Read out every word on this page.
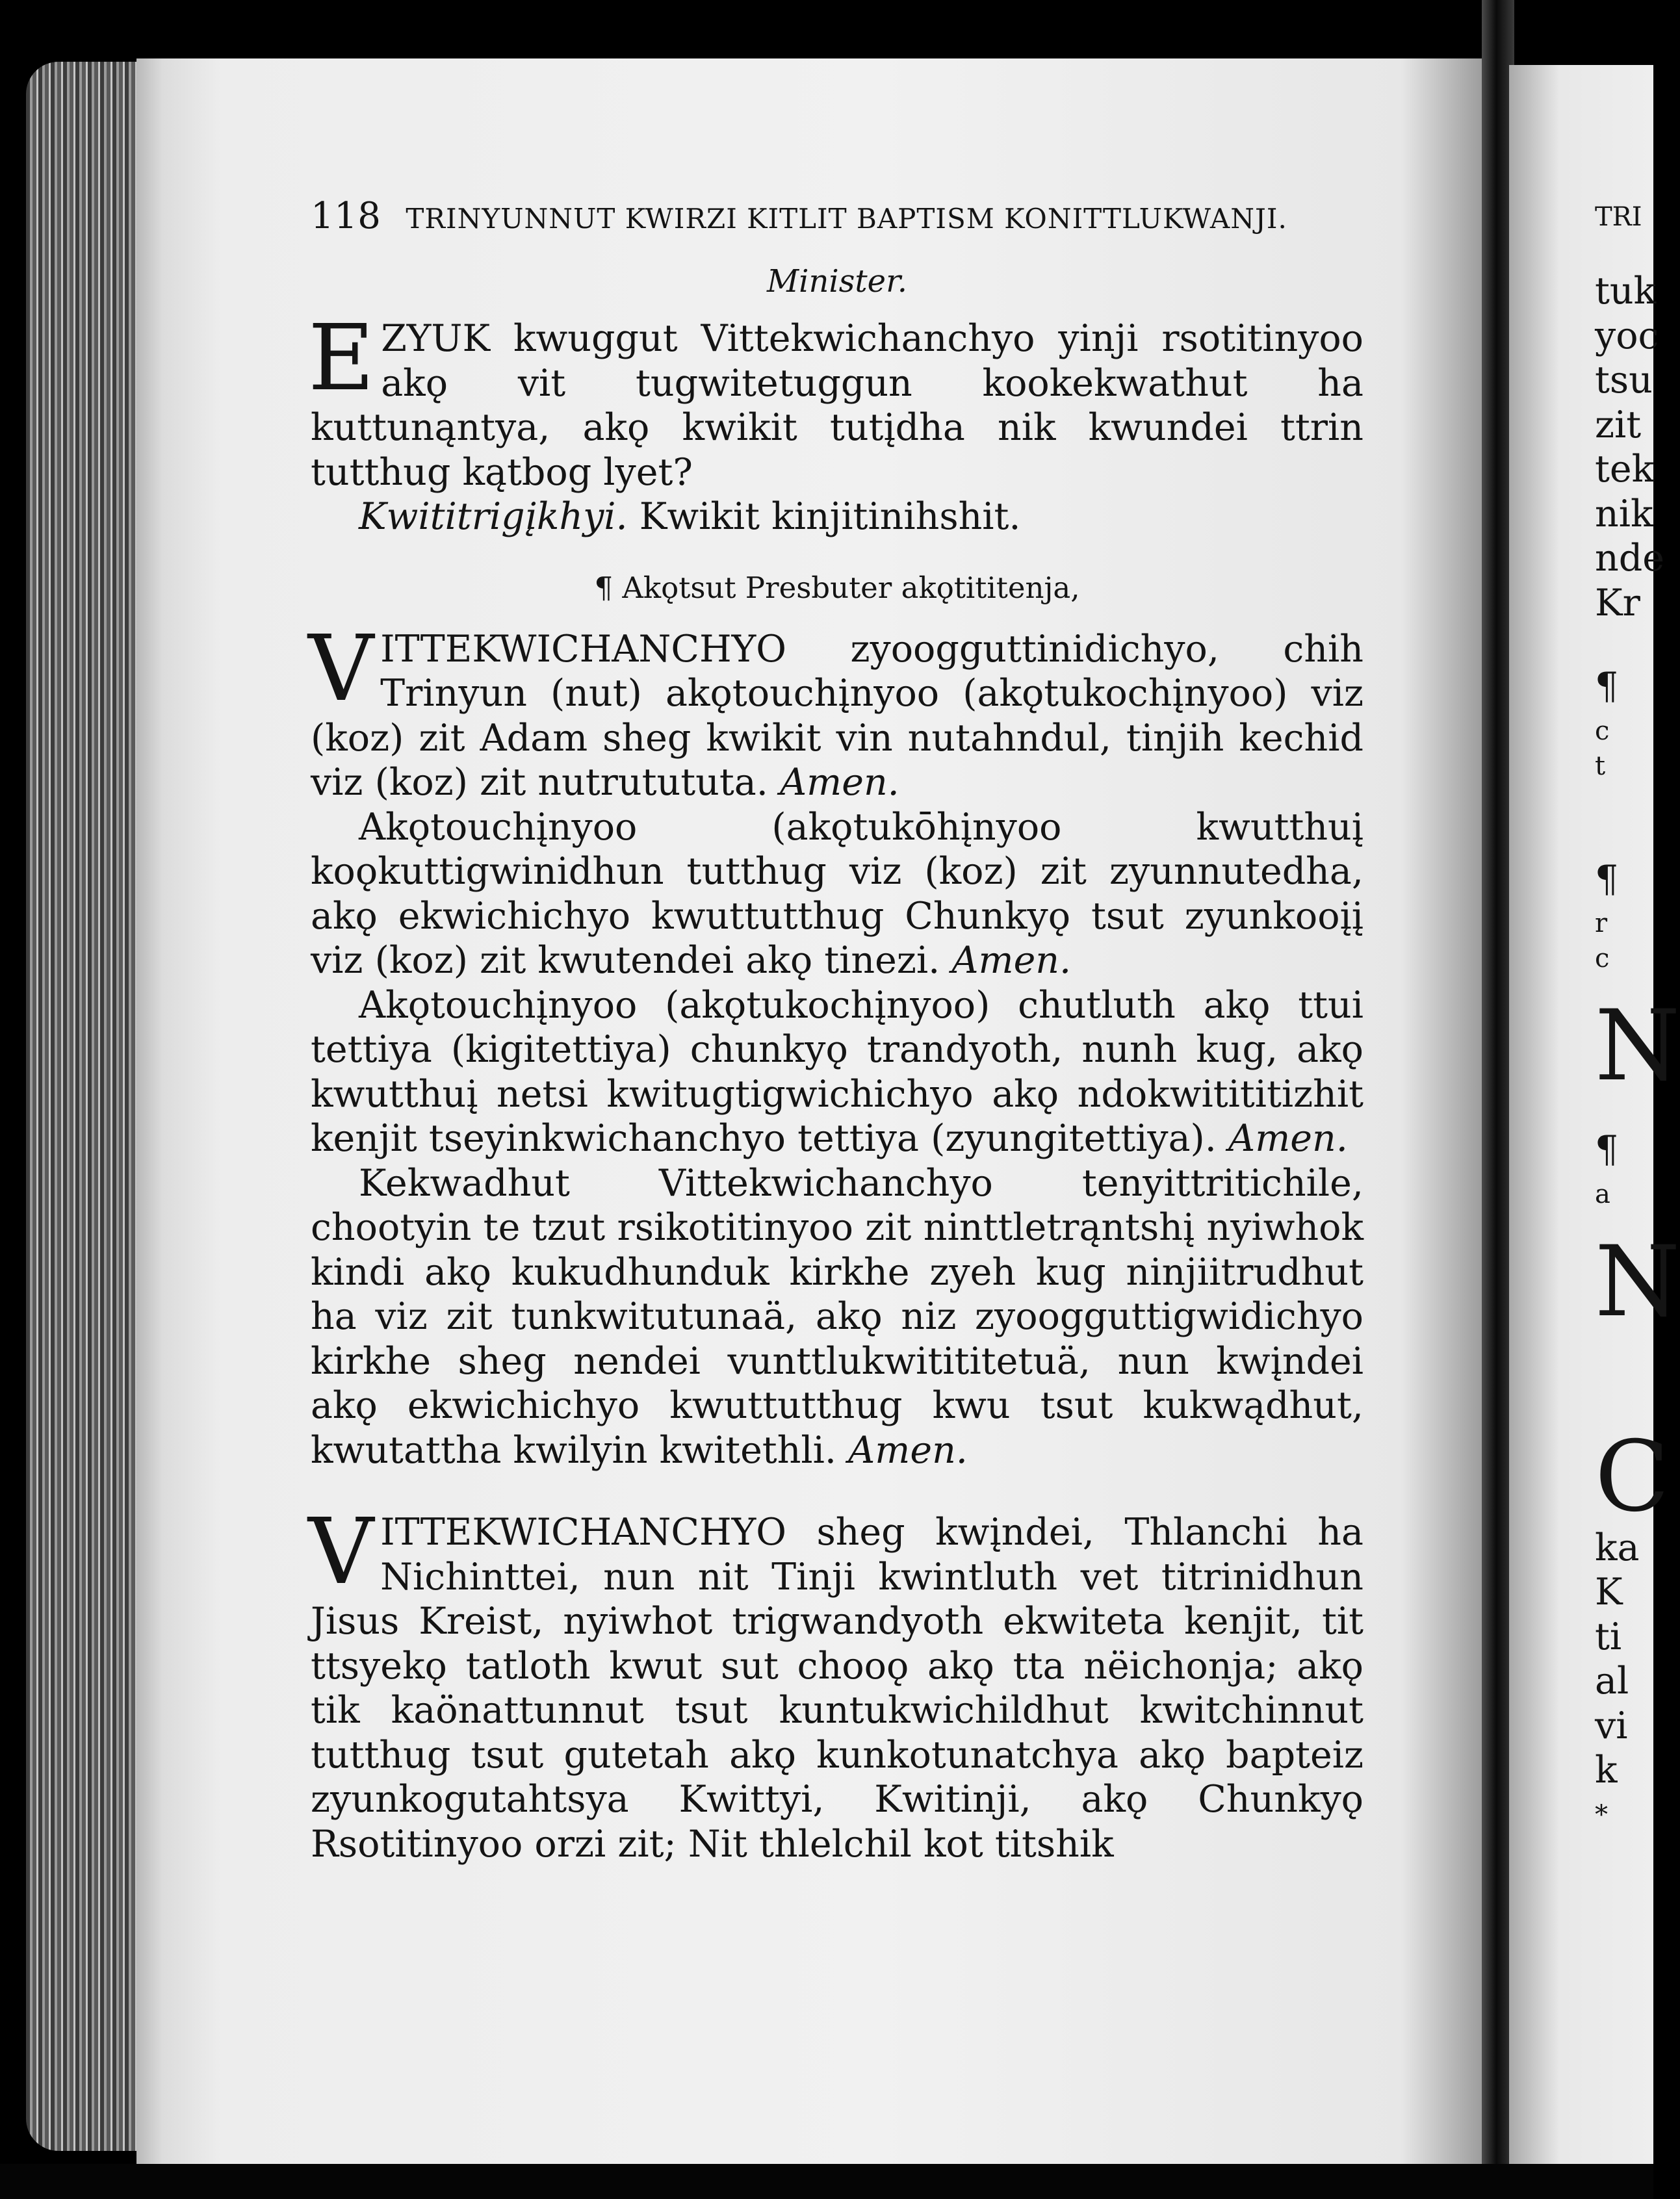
118 TRINYUNNUT KWIRZI KITLIT BAPTISM KONITTLUKWANJI.
Minister.

EZYUK kwuggut Vittekwichanchyo yinji rsotitinyoo akǫ vit tugwitetuggun kookekwathut ha kuttunąntya, akǫ kwikit tutįdha nik kwundei ttrin tutthug kątbog lyet?

Kwititrigįkhyi. Kwikit kinjitinihshit.

¶ Akǫtsut Presbuter akǫtititenja,

VITTEKWICHANCHYO zyoogguttinidichyo, chih Trinyun (nut) akǫtouchįnyoo (akǫtukochįnyoo) viz (koz) zit Adam sheg kwikit vin nutahndul, tinjih kechid viz (koz) zit nutrutututa. Amen.

Akǫtouchįnyoo (akǫtukōhįnyoo kwutthuį koǫkuttigwinidhun tutthug viz (koz) zit zyunnutedha, akǫ ekwichichyo kwuttutthug Chunkyǫ tsut zyunkooįį viz (koz) zit kwutendei akǫ tinezi. Amen.

Akǫtouchįnyoo (akǫtukochįnyoo) chutluth akǫ ttui tettiya (kigitettiya) chunkyǫ trandyoth, nunh kug, akǫ kwutthuį netsi kwitugtigwichichyo akǫ ndokwitititizhit kenjit tseyinkwichanchyo tettiya (zyungitettiya). Amen.

Kekwadhut Vittekwichanchyo tenyittritichile, chootyin te tzut rsikotitinyoo zit ninttletrąntshį nyiwhok kindi akǫ kukudhunduk kirkhe zyeh kug ninjiitrudhut ha viz zit tunkwitutunaä, akǫ niz zyoogguttigwidichyo kirkhe sheg nendei vunttlukwitititetuä, nun kwįndei akǫ ekwichichyo kwuttutthug kwu tsut kukwądhut, kwutattha kwilyin kwitethli. Amen.

VITTEKWICHANCHYO sheg kwįndei, Thlanchi ha Nichinttei, nun nit Tinji kwintluth vet titrinidhun Jisus Kreist, nyiwhot trigwandyoth ekwiteta kenjit, tit ttsyekǫ tatloth kwut sut chooǫ akǫ tta nëichonja; akǫ tik kaönattunnut tsut kuntukwichildhut kwitchinnut tutthug tsut gutetah akǫ kunkotunatchya akǫ bapteiz zyunkogutahtsya Kwittyi, Kwitinji, akǫ Chunkyǫ Rsotitinyoo orzi zit; Nit thlelchil kot titshik

TRI
tuk
yoc
tsu
zit
tek
nik
nde
Kr
¶
c
t
¶
r
c
N
¶
a
N
C
ka
K
ti
al
vi
k
*
